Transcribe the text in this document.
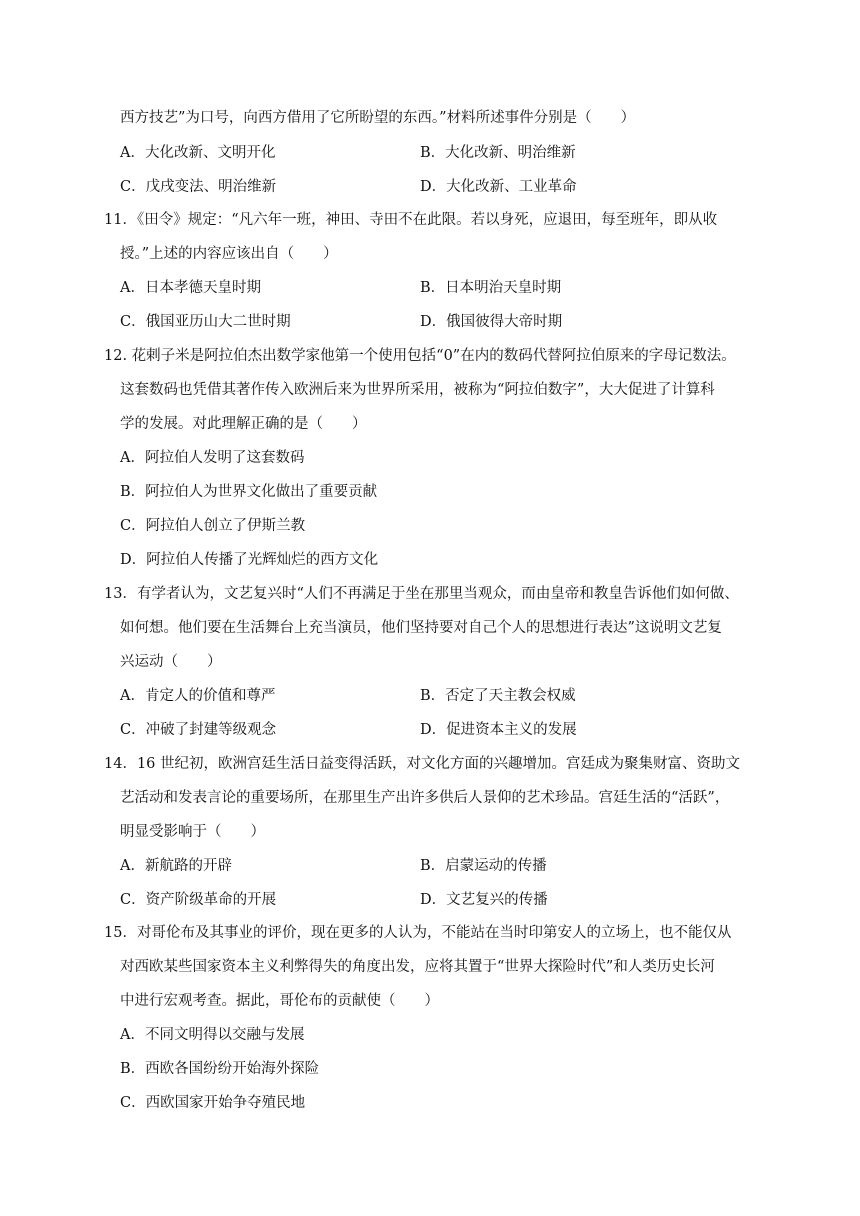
西方技艺”为口号，向西方借用了它所盼望的东西。”材料所述事件分别是（　　）
A．大化改新、文明开化	B．大化改新、明治维新
C．戊戌变法、明治维新	D．大化改新、工业革命
11．《田令》规定：“凡六年一班，神田、寺田不在此限。若以身死，应退田，每至班年，即从收
授。”上述的内容应该出自（　　）
A．日本孝德天皇时期	B．日本明治天皇时期
C．俄国亚历山大二世时期	D．俄国彼得大帝时期
12. 花剌子米是阿拉伯杰出数学家他第一个使用包括“0”在内的数码代替阿拉伯原来的字母记数法。
这套数码也凭借其著作传入欧洲后来为世界所采用，被称为“阿拉伯数字”，大大促进了计算科
学的发展。对此理解正确的是（　　）
A．阿拉伯人发明了这套数码
B．阿拉伯人为世界文化做出了重要贡献
C．阿拉伯人创立了伊斯兰教
D．阿拉伯人传播了光辉灿烂的西方文化
13．有学者认为，文艺复兴时“人们不再满足于坐在那里当观众，而由皇帝和教皇告诉他们如何做、
如何想。他们要在生活舞台上充当演员，他们坚持要对自己个人的思想进行表达”这说明文艺复
兴运动（　　）
A．肯定人的价值和尊严	B．否定了天主教会权威
C．冲破了封建等级观念	D．促进资本主义的发展
14．16 世纪初，欧洲宫廷生活日益变得活跃，对文化方面的兴趣增加。宫廷成为聚集财富、资助文
艺活动和发表言论的重要场所，在那里生产出许多供后人景仰的艺术珍品。宫廷生活的“活跃”，
明显受影响于（　　）
A．新航路的开辟	B．启蒙运动的传播
C．资产阶级革命的开展	D．文艺复兴的传播
15．对哥伦布及其事业的评价，现在更多的人认为，不能站在当时印第安人的立场上，也不能仅从
对西欧某些国家资本主义利弊得失的角度出发，应将其置于“世界大探险时代”和人类历史长河
中进行宏观考查。据此，哥伦布的贡献使（　　）
A．不同文明得以交融与发展
B．西欧各国纷纷开始海外探险
C．西欧国家开始争夺殖民地
